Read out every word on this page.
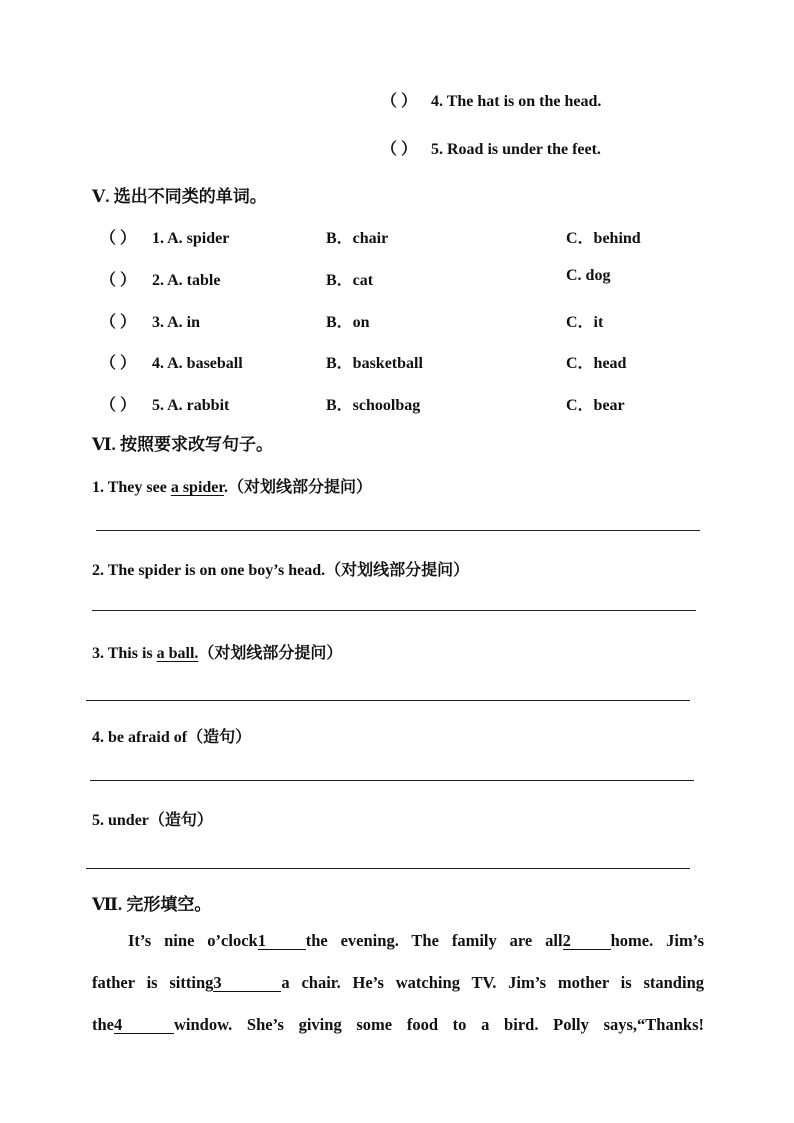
（ ） 4. The hat is on the head.
（ ） 5. Road is under the feet.
Ⅴ. 选出不同类的单词。
（ ） 1. A. spider	B．chair	C．behind
（ ） 2. A. table	B．cat	C. dog
（ ） 3. A. in	B．on	C．it
（ ） 4. A. baseball	B．basketball	C．head
（ ） 5. A. rabbit	B．schoolbag	C．bear
Ⅵ. 按照要求改写句子。
1. They see a spider.（对划线部分提问）
2. The spider is on one boy’s head.（对划线部分提问）
3. This is a ball.（对划线部分提问）
4. be afraid of（造句）
5. under（造句）
Ⅶ. 完形填空。
It’s nine o’clock1 the evening. The family are all2 home. Jim’s
father is sitting3	a chair. He’s watching TV. Jim’s mother is standing
the4	window. She’s giving some food to a bird. Polly says,“Thanks!
